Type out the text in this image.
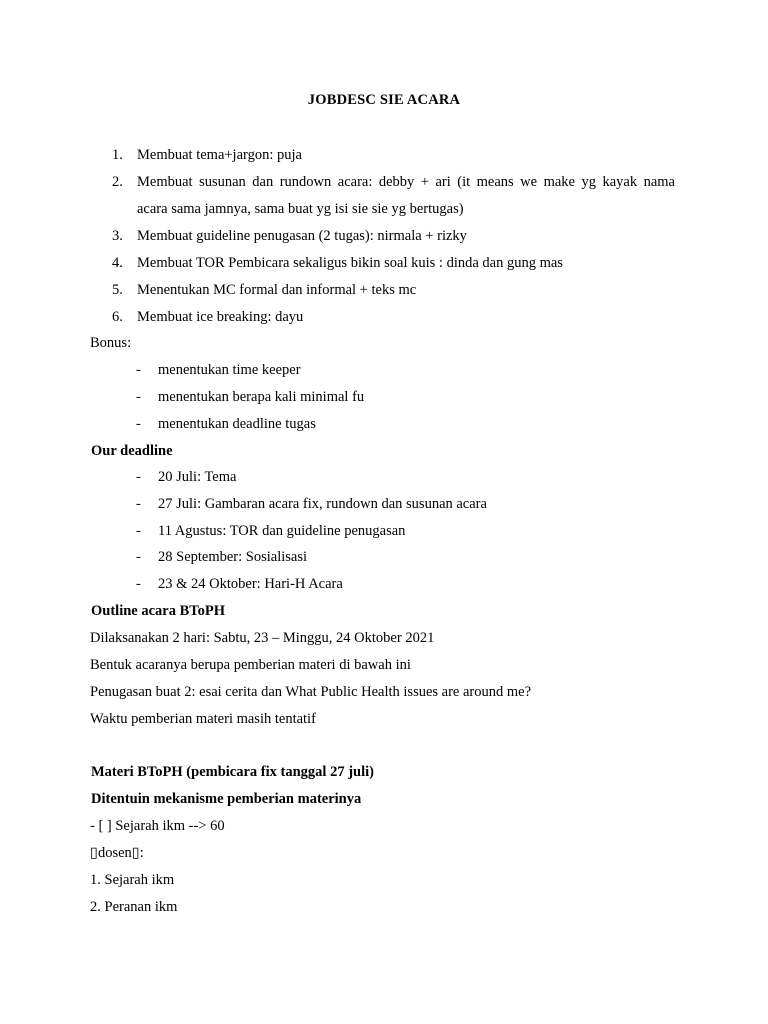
JOBDESC SIE ACARA
1. Membuat tema+jargon: puja
2. Membuat susunan dan rundown acara: debby + ari (it means we make yg kayak nama
acara sama jamnya, sama buat yg isi sie sie yg bertugas)
3. Membuat guideline penugasan (2 tugas): nirmala + rizky
4. Membuat TOR Pembicara sekaligus bikin soal kuis : dinda dan gung mas
5. Menentukan MC formal dan informal + teks mc
6. Membuat ice breaking: dayu
Bonus:
- menentukan time keeper
- menentukan berapa kali minimal fu
- menentukan deadline tugas
Our deadline
- 20 Juli: Tema
- 27 Juli: Gambaran acara fix, rundown dan susunan acara
- 11 Agustus: TOR dan guideline penugasan
- 28 September: Sosialisasi
- 23 & 24 Oktober: Hari-H Acara
Outline acara BToPH
Dilaksanakan 2 hari: Sabtu, 23 – Minggu, 24 Oktober 2021
Bentuk acaranya berupa pemberian materi di bawah ini
Penugasan buat 2: esai cerita dan What Public Health issues are around me?
Waktu pemberian materi masih tentatif
Materi BToPH (pembicara fix tanggal 27 juli)
Ditentuin mekanisme pemberian materinya
- [ ] Sejarah ikm --> 60
▯dosen▯:
1. Sejarah ikm
2. Peranan ikm
